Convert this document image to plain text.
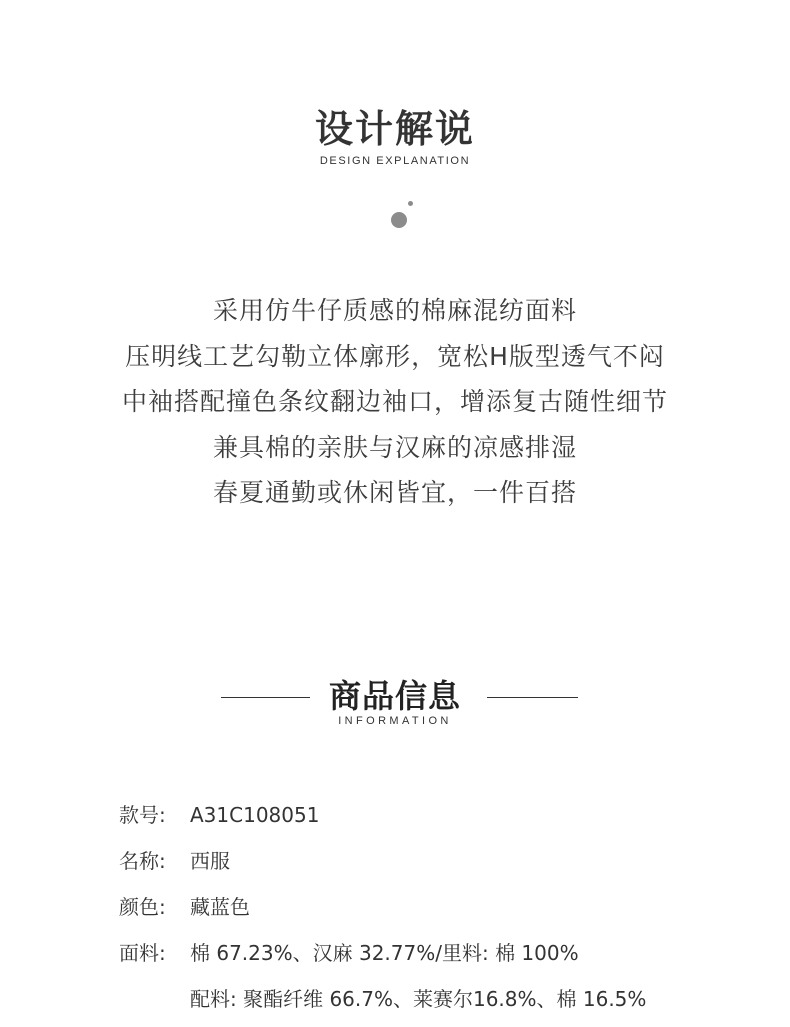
设计解说
DESIGN EXPLANATION
采用仿牛仔质感的棉麻混纺面料
压明线工艺勾勒立体廓形，宽松H版型透气不闷
中袖搭配撞色条纹翻边袖口，增添复古随性细节
兼具棉的亲肤与汉麻的凉感排湿
春夏通勤或休闲皆宜，一件百搭
商品信息
INFORMATION
款号: A31C108051
名称: 西服
颜色: 藏蓝色
面料: 棉 67.23%、汉麻 32.77%/里料: 棉 100%
配料: 聚酯纤维 66.7%、莱赛尔16.8%、棉 16.5%
